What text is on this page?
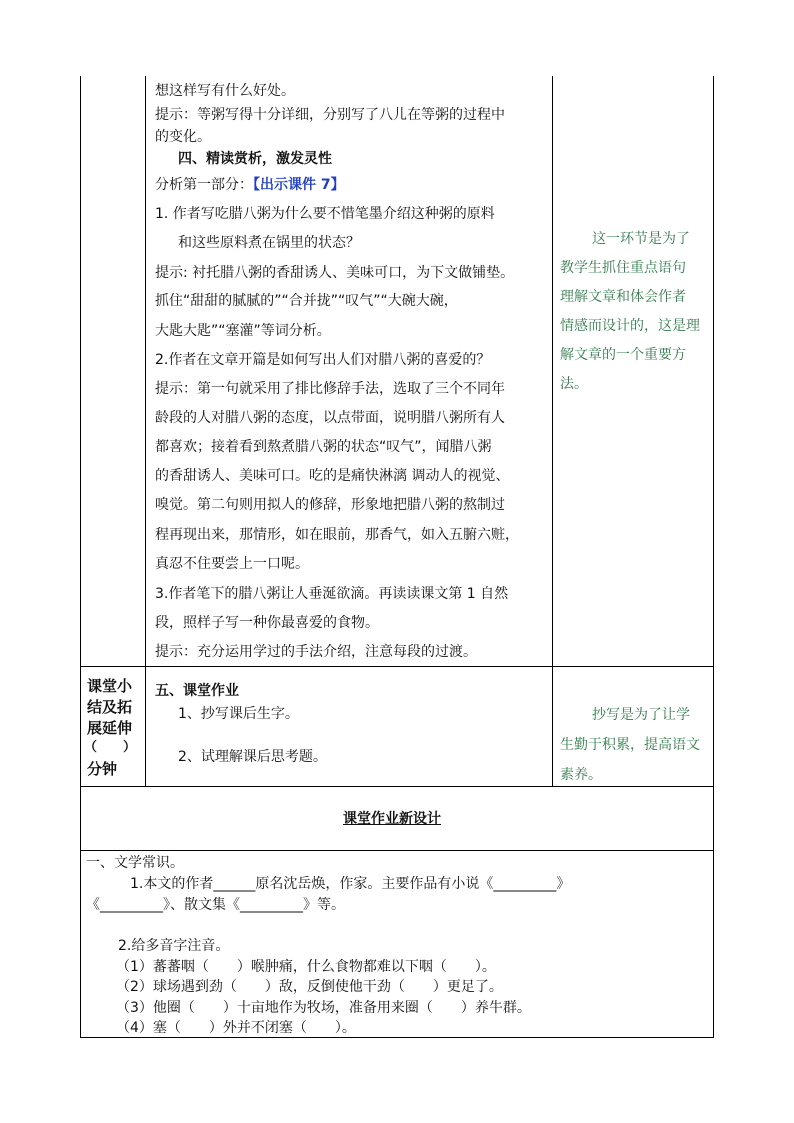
想这样写有什么好处。
提示：等粥写得十分详细，分别写了八儿在等粥的过程中
的变化。
四、精读赏析，激发灵性
分析第一部分：【出示课件 7】
1. 作者写吃腊八粥为什么要不惜笔墨介绍这种粥的原料
和这些原料煮在锅里的状态？
提示: 衬托腊八粥的香甜诱人、美味可口，为下文做铺垫。
抓住“甜甜的腻腻的”“合并拢”“叹气”“大碗大碗，
大匙大匙”“塞灌”等词分析。
2.作者在文章开篇是如何写出人们对腊八粥的喜爱的？
提示：第一句就采用了排比修辞手法，选取了三个不同年
龄段的人对腊八粥的态度，以点带面，说明腊八粥所有人
都喜欢；接着看到熬煮腊八粥的状态“叹气”，闻腊八粥
的香甜诱人、美味可口。吃的是痛快淋漓 调动人的视觉、
嗅觉。第二句则用拟人的修辞，形象地把腊八粥的熬制过
程再现出来，那情形，如在眼前，那香气，如入五腑六赃，
真忍不住要尝上一口呢。
3.作者笔下的腊八粥让人垂涎欲滴。再读读课文第 1 自然
段，照样子写一种你最喜爱的食物。
提示：充分运用学过的手法介绍，注意每段的过渡。
这一环节是为了
教学生抓住重点语句
理解文章和体会作者
情感而设计的，这是理
解文章的一个重要方
法。
课堂小
结及拓
展延伸
（　　）
分钟
五、课堂作业
1、抄写课后生字。
2、试理解课后思考题。
抄写是为了让学
生勤于积累，提高语文
素养。
课堂作业新设计
一、文学常识。
1.本文的作者______原名沈岳焕，作家。主要作品有小说《_________》
《_________》、散文集《_________》等。
2.给多音字注音。
（1）蕃蕃咽（　　）喉肿痛，什么食物都难以下咽（　　）。
（2）球场遇到劲（　　）敌，反倒使他干劲（　　）更足了。
（3）他圈（　　）十亩地作为牧场，准备用来圈（　　）养牛群。
（4）塞（　　）外并不闭塞（　　）。
